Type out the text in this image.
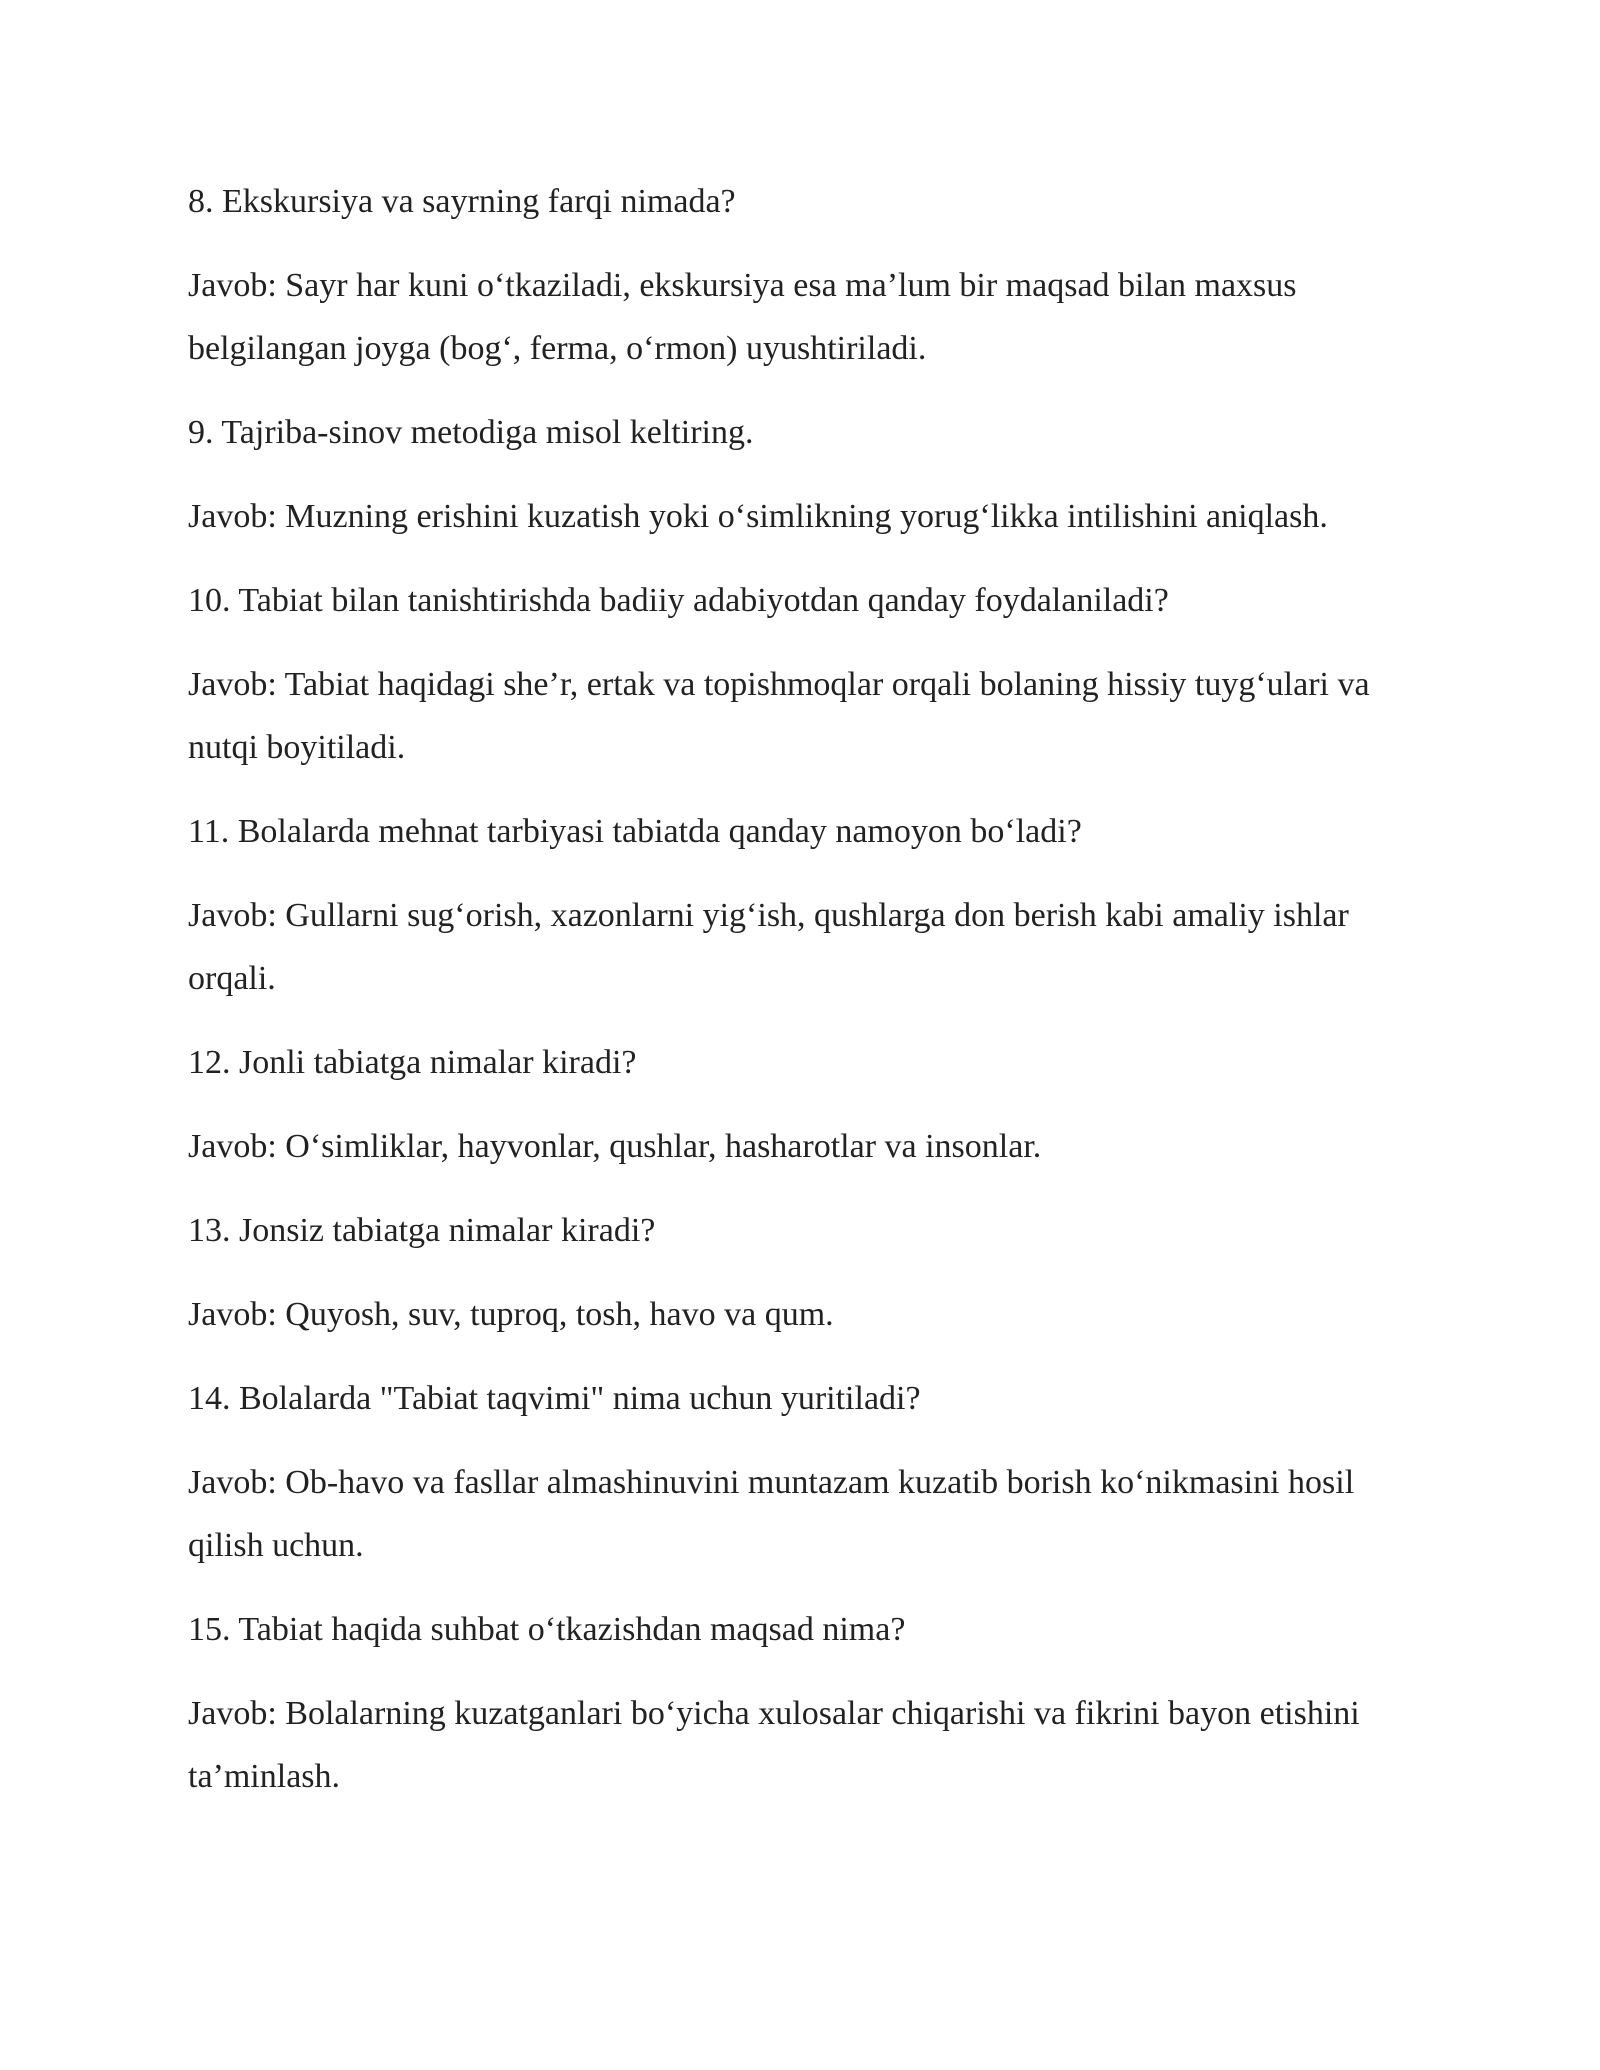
8. Ekskursiya va sayrning farqi nimada?

Javob: Sayr har kuni o‘tkaziladi, ekskursiya esa ma’lum bir maqsad bilan maxsus belgilangan joyga (bog‘, ferma, o‘rmon) uyushtiriladi.

9. Tajriba-sinov metodiga misol keltiring.

Javob: Muzning erishini kuzatish yoki o‘simlikning yorug‘likka intilishini aniqlash.

10. Tabiat bilan tanishtirishda badiiy adabiyotdan qanday foydalaniladi?

Javob: Tabiat haqidagi she’r, ertak va topishmoqlar orqali bolaning hissiy tuyg‘ulari va nutqi boyitiladi.

11. Bolalarda mehnat tarbiyasi tabiatda qanday namoyon bo‘ladi?

Javob: Gullarni sug‘orish, xazonlarni yig‘ish, qushlarga don berish kabi amaliy ishlar orqali.

12. Jonli tabiatga nimalar kiradi?

Javob: O‘simliklar, hayvonlar, qushlar, hasharotlar va insonlar.

13. Jonsiz tabiatga nimalar kiradi?

Javob: Quyosh, suv, tuproq, tosh, havo va qum.

14. Bolalarda "Tabiat taqvimi" nima uchun yuritiladi?

Javob: Ob-havo va fasllar almashinuvini muntazam kuzatib borish ko‘nikmasini hosil qilish uchun.

15. Tabiat haqida suhbat o‘tkazishdan maqsad nima?

Javob: Bolalarning kuzatganlari bo‘yicha xulosalar chiqarishi va fikrini bayon etishini ta’minlash.
